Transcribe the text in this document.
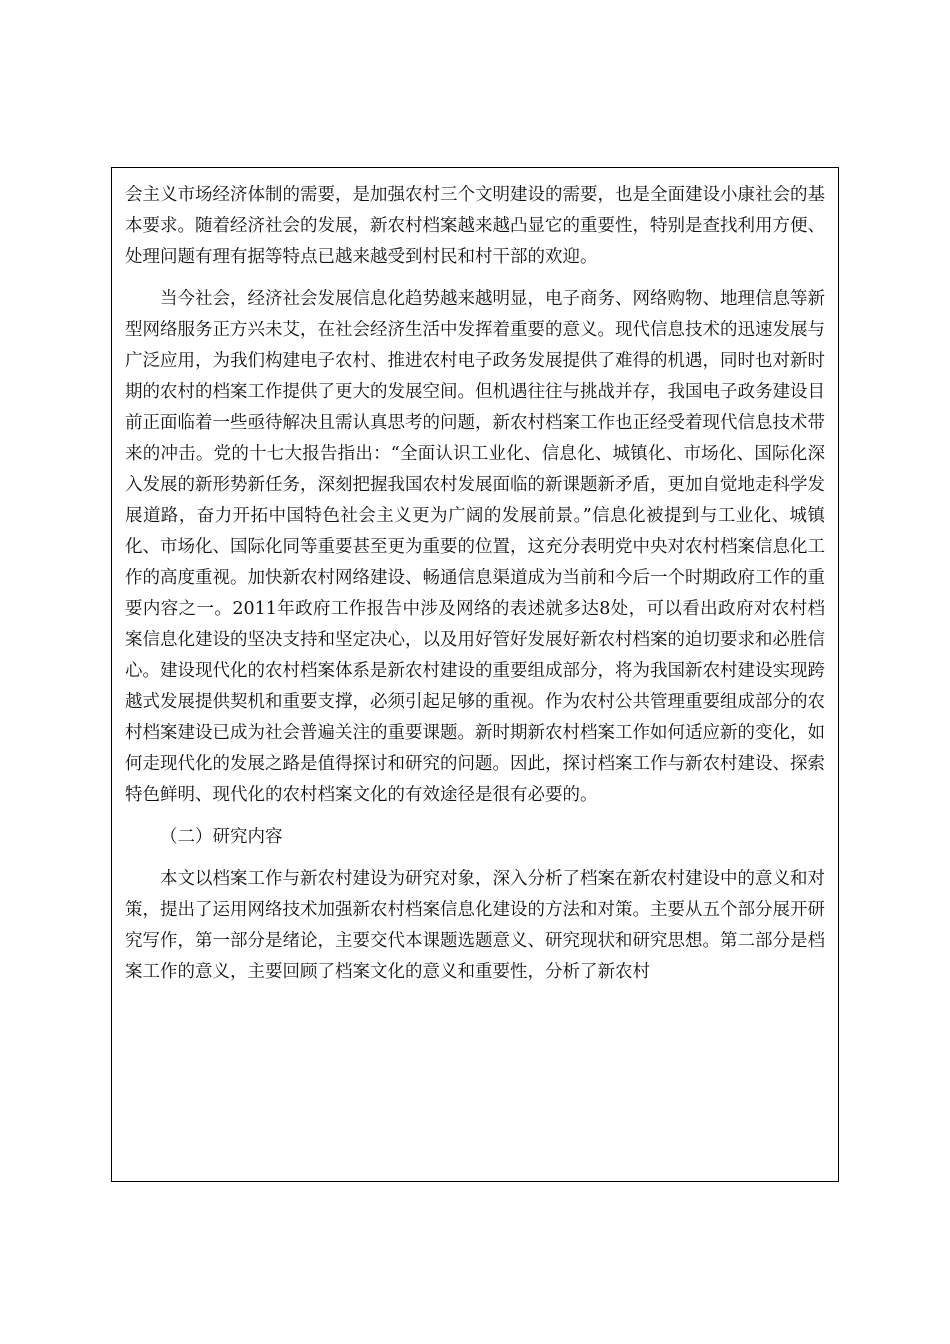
会主义市场经济体制的需要，是加强农村三个文明建设的需要，也是全面建设小康社会的基本要求。随着经济社会的发展，新农村档案越来越凸显它的重要性，特别是查找利用方便、处理问题有理有据等特点已越来越受到村民和村干部的欢迎。

当今社会，经济社会发展信息化趋势越来越明显，电子商务、网络购物、地理信息等新型网络服务正方兴未艾，在社会经济生活中发挥着重要的意义。现代信息技术的迅速发展与广泛应用，为我们构建电子农村、推进农村电子政务发展提供了难得的机遇，同时也对新时期的农村的档案工作提供了更大的发展空间。但机遇往往与挑战并存，我国电子政务建设目前正面临着一些亟待解决且需认真思考的问题，新农村档案工作也正经受着现代信息技术带来的冲击。党的十七大报告指出：“全面认识工业化、信息化、城镇化、市场化、国际化深入发展的新形势新任务，深刻把握我国农村发展面临的新课题新矛盾，更加自觉地走科学发展道路，奋力开拓中国特色社会主义更为广阔的发展前景。”信息化被提到与工业化、城镇化、市场化、国际化同等重要甚至更为重要的位置，这充分表明党中央对农村档案信息化工作的高度重视。加快新农村网络建设、畅通信息渠道成为当前和今后一个时期政府工作的重要内容之一。2011年政府工作报告中涉及网络的表述就多达8处，可以看出政府对农村档案信息化建设的坚决支持和坚定决心，以及用好管好发展好新农村档案的迫切要求和必胜信心。建设现代化的农村档案体系是新农村建设的重要组成部分，将为我国新农村建设实现跨越式发展提供契机和重要支撑，必须引起足够的重视。作为农村公共管理重要组成部分的农村档案建设已成为社会普遍关注的重要课题。新时期新农村档案工作如何适应新的变化，如何走现代化的发展之路是值得探讨和研究的问题。因此，探讨档案工作与新农村建设、探索特色鲜明、现代化的农村档案文化的有效途径是很有必要的。

（二）研究内容

本文以档案工作与新农村建设为研究对象，深入分析了档案在新农村建设中的意义和对策，提出了运用网络技术加强新农村档案信息化建设的方法和对策。主要从五个部分展开研究写作，第一部分是绪论，主要交代本课题选题意义、研究现状和研究思想。第二部分是档案工作的意义，主要回顾了档案文化的意义和重要性，分析了新农村
